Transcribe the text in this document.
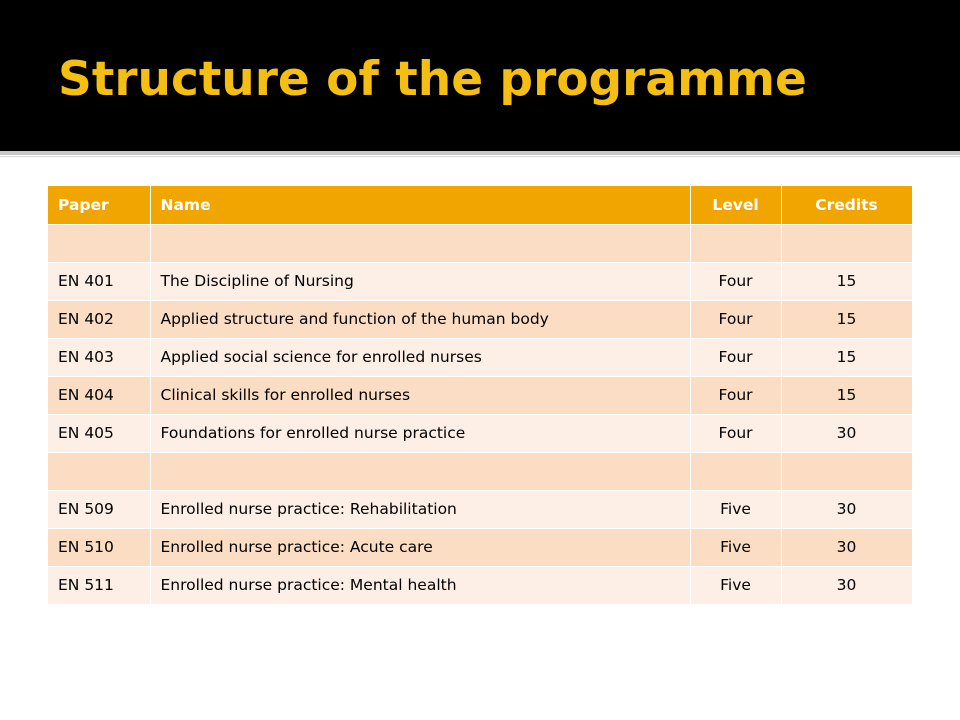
Structure of the programme
Paper	Name	Level	Credits

EN 401	The Discipline of Nursing	Four	15
EN 402	Applied structure and function of the human body	Four	15
EN 403	Applied social science for enrolled nurses	Four	15
EN 404	Clinical skills for enrolled nurses	Four	15
EN 405	Foundations for enrolled nurse practice	Four	30

EN 509	Enrolled nurse practice: Rehabilitation	Five	30
EN 510	Enrolled nurse practice: Acute care	Five	30
EN 511	Enrolled nurse practice: Mental health	Five	30
